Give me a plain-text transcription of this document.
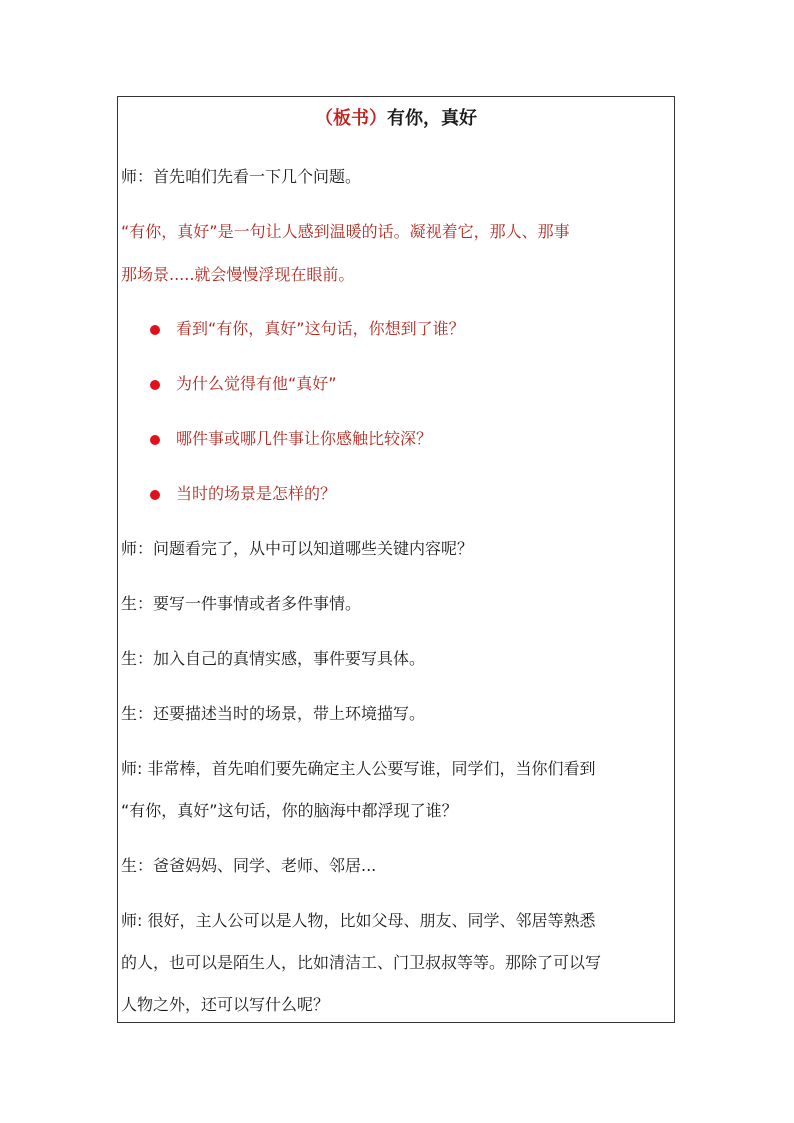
（板书）有你，真好
师：首先咱们先看一下几个问题。
“有你，真好”是一句让人感到温暖的话。凝视着它，那人、那事
那场景.....就会慢慢浮现在眼前。
看到“有你，真好”这句话，你想到了谁？
为什么觉得有他“真好”
哪件事或哪几件事让你感触比较深？
当时的场景是怎样的？
师：问题看完了，从中可以知道哪些关键内容呢？
生：要写一件事情或者多件事情。
生：加入自己的真情实感，事件要写具体。
生：还要描述当时的场景，带上环境描写。
师: 非常棒，首先咱们要先确定主人公要写谁，同学们，当你们看到
“有你，真好”这句话，你的脑海中都浮现了谁？
生：爸爸妈妈、同学、老师、邻居...
师: 很好，主人公可以是人物，比如父母、朋友、同学、邻居等熟悉
的人，也可以是陌生人，比如清洁工、门卫叔叔等等。那除了可以写
人物之外，还可以写什么呢？
